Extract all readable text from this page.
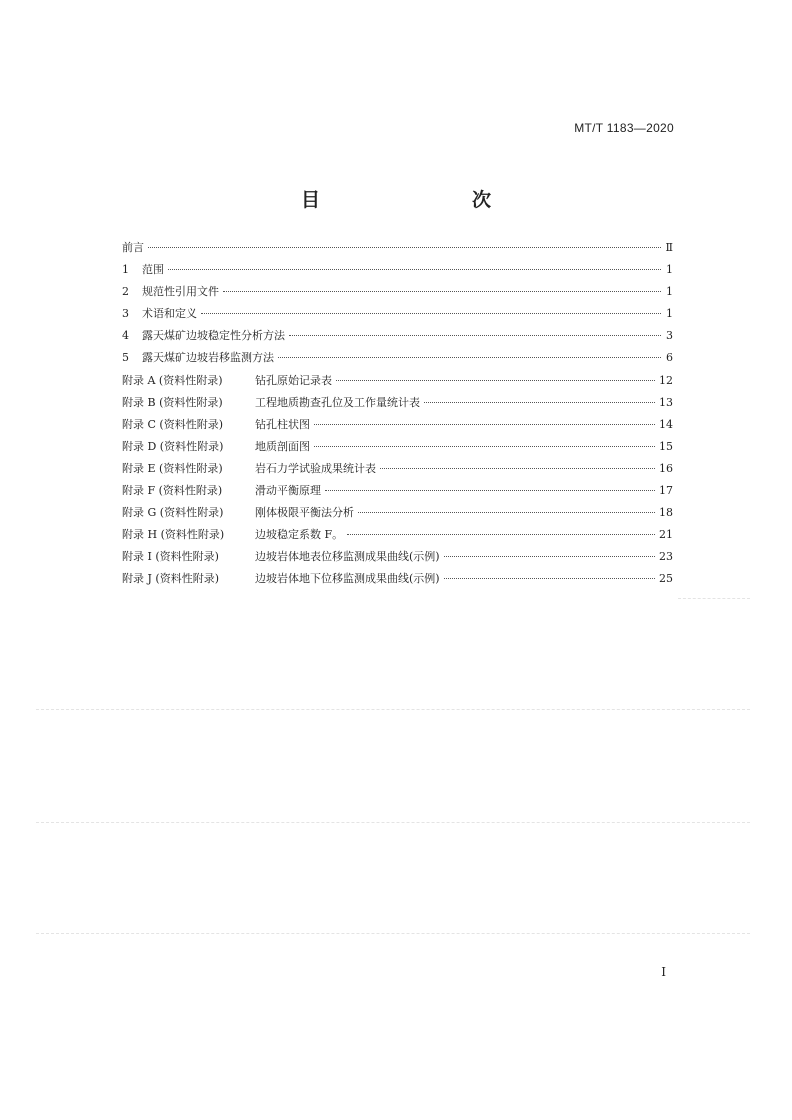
MT/T 1183—2020
目　　次
前言	Ⅱ
1	范围	1
2	规范性引用文件	1
3	术语和定义	1
4	露天煤矿边坡稳定性分析方法	3
5	露天煤矿边坡岩移监测方法	6
附录 A (资料性附录)	钻孔原始记录表	12
附录 B (资料性附录)	工程地质勘查孔位及工作量统计表	13
附录 C (资料性附录)	钻孔柱状图	14
附录 D (资料性附录)	地质剖面图	15
附录 E (资料性附录)	岩石力学试验成果统计表	16
附录 F (资料性附录)	滑动平衡原理	17
附录 G (资料性附录)	刚体极限平衡法分析	18
附录 H (资料性附录)	边坡稳定系数 F。	21
附录 I (资料性附录)	边坡岩体地表位移监测成果曲线(示例)	23
附录 J (资料性附录)	边坡岩体地下位移监测成果曲线(示例)	25
I
